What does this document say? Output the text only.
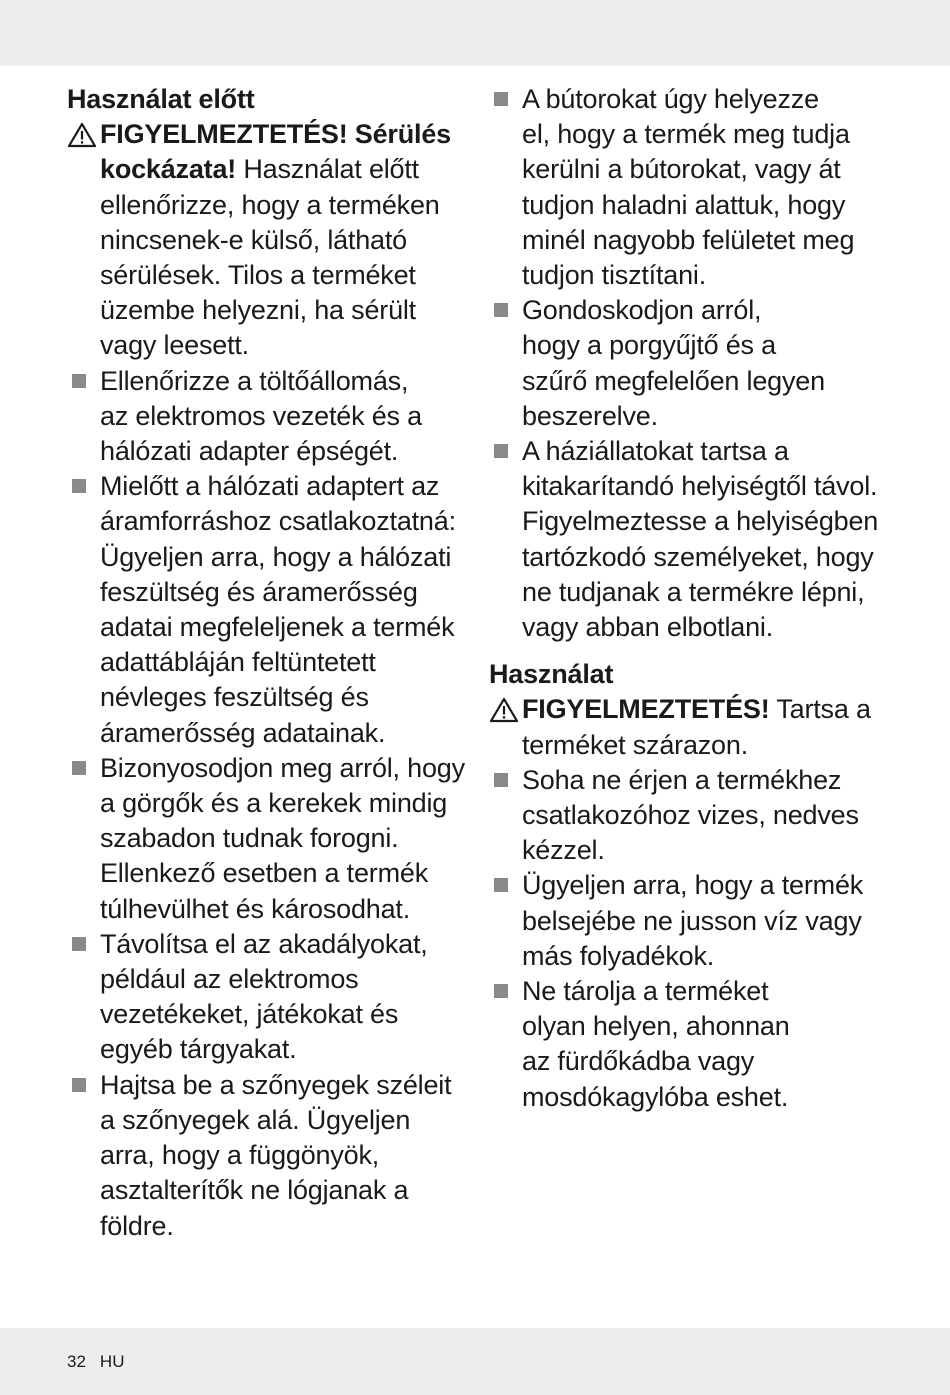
Használat előtt
FIGYELMEZTETÉS! Sérülés
kockázata! Használat előtt
ellenőrizze, hogy a terméken
nincsenek-e külső, látható
sérülések. Tilos a terméket
üzembe helyezni, ha sérült
vagy leesett.
Ellenőrizze a töltőállomás,
az elektromos vezeték és a
hálózati adapter épségét.
Mielőtt a hálózati adaptert az
áramforráshoz csatlakoztatná:
Ügyeljen arra, hogy a hálózati
feszültség és áramerősség
adatai megfeleljenek a termék
adattábláján feltüntetett
névleges feszültség és
áramerősség adatainak.
Bizonyosodjon meg arról, hogy
a görgők és a kerekek mindig
szabadon tudnak forogni.
Ellenkező esetben a termék
túlhevülhet és károsodhat.
Távolítsa el az akadályokat,
például az elektromos
vezetékeket, játékokat és
egyéb tárgyakat.
Hajtsa be a szőnyegek széleit
a szőnyegek alá. Ügyeljen
arra, hogy a függönyök,
asztalterítők ne lógjanak a
földre.
A bútorokat úgy helyezze
el, hogy a termék meg tudja
kerülni a bútorokat, vagy át
tudjon haladni alattuk, hogy
minél nagyobb felületet meg
tudjon tisztítani.
Gondoskodjon arról,
hogy a porgyűjtő és a
szűrő megfelelően legyen
beszerelve.
A háziállatokat tartsa a
kitakarítandó helyiségtől távol.
Figyelmeztesse a helyiségben
tartózkodó személyeket, hogy
ne tudjanak a termékre lépni,
vagy abban elbotlani.
Használat
FIGYELMEZTETÉS! Tartsa a
terméket szárazon.
Soha ne érjen a termékhez
csatlakozóhoz vizes, nedves
kézzel.
Ügyeljen arra, hogy a termék
belsejébe ne jusson víz vagy
más folyadékok.
Ne tárolja a terméket
olyan helyen, ahonnan
az fürdőkádba vagy
mosdókagylóba eshet.
32 HU
